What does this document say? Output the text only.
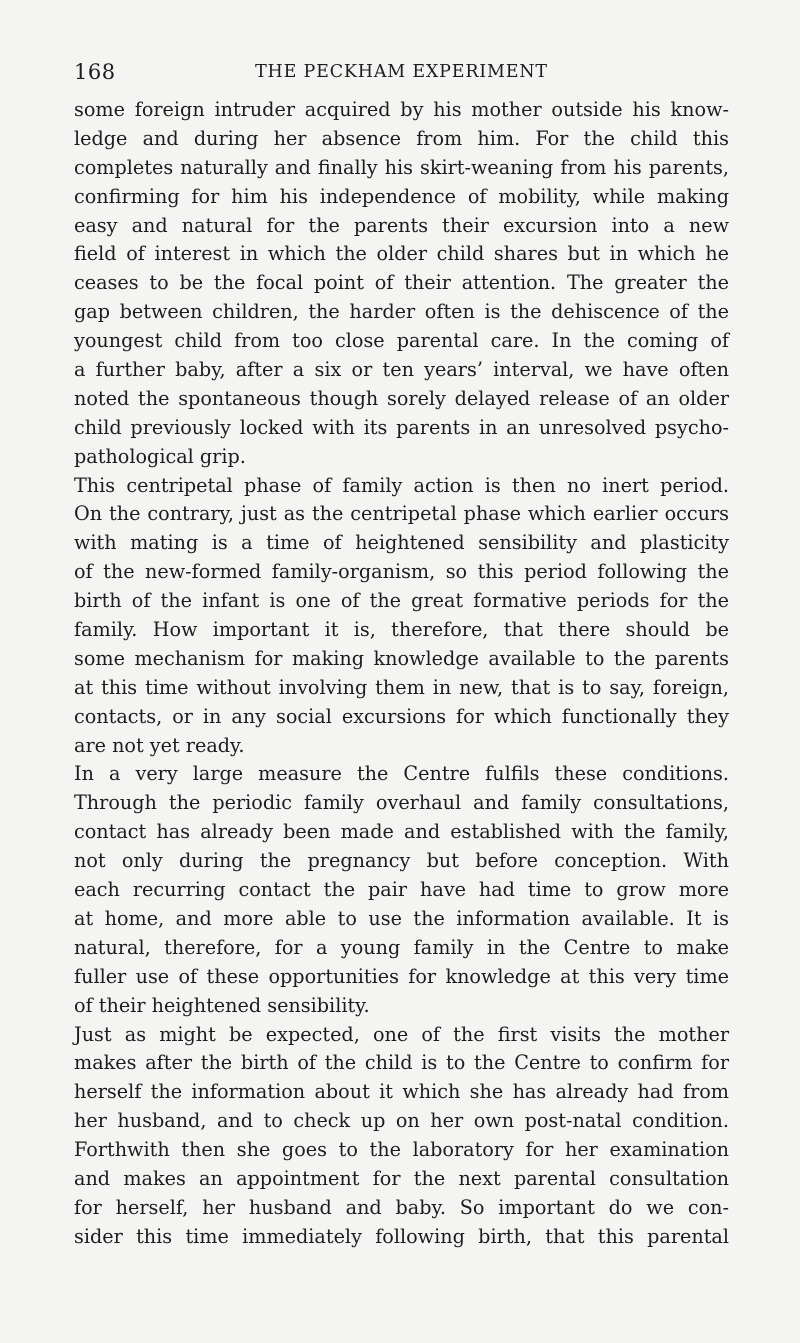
168	THE PECKHAM EXPERIMENT
some foreign intruder acquired by his mother outside his know-
ledge and during her absence from him. For the child this
completes naturally and finally his skirt-weaning from his parents,
confirming for him his independence of mobility, while making
easy and natural for the parents their excursion into a new
field of interest in which the older child shares but in which he
ceases to be the focal point of their attention. The greater the
gap between children, the harder often is the dehiscence of the
youngest child from too close parental care. In the coming of
a further baby, after a six or ten years’ interval, we have often
noted the spontaneous though sorely delayed release of an older
child previously locked with its parents in an unresolved psycho-
pathological grip.
This centripetal phase of family action is then no inert period.
On the contrary, just as the centripetal phase which earlier occurs
with mating is a time of heightened sensibility and plasticity
of the new-formed family-organism, so this period following the
birth of the infant is one of the great formative periods for the
family. How important it is, therefore, that there should be
some mechanism for making knowledge available to the parents
at this time without involving them in new, that is to say, foreign,
contacts, or in any social excursions for which functionally they
are not yet ready.
In a very large measure the Centre fulfils these conditions.
Through the periodic family overhaul and family consultations,
contact has already been made and established with the family,
not only during the pregnancy but before conception. With
each recurring contact the pair have had time to grow more
at home, and more able to use the information available. It is
natural, therefore, for a young family in the Centre to make
fuller use of these opportunities for knowledge at this very time
of their heightened sensibility.
Just as might be expected, one of the first visits the mother
makes after the birth of the child is to the Centre to confirm for
herself the information about it which she has already had from
her husband, and to check up on her own post-natal condition.
Forthwith then she goes to the laboratory for her examination
and makes an appointment for the next parental consultation
for herself, her husband and baby. So important do we con-
sider this time immediately following birth, that this parental
